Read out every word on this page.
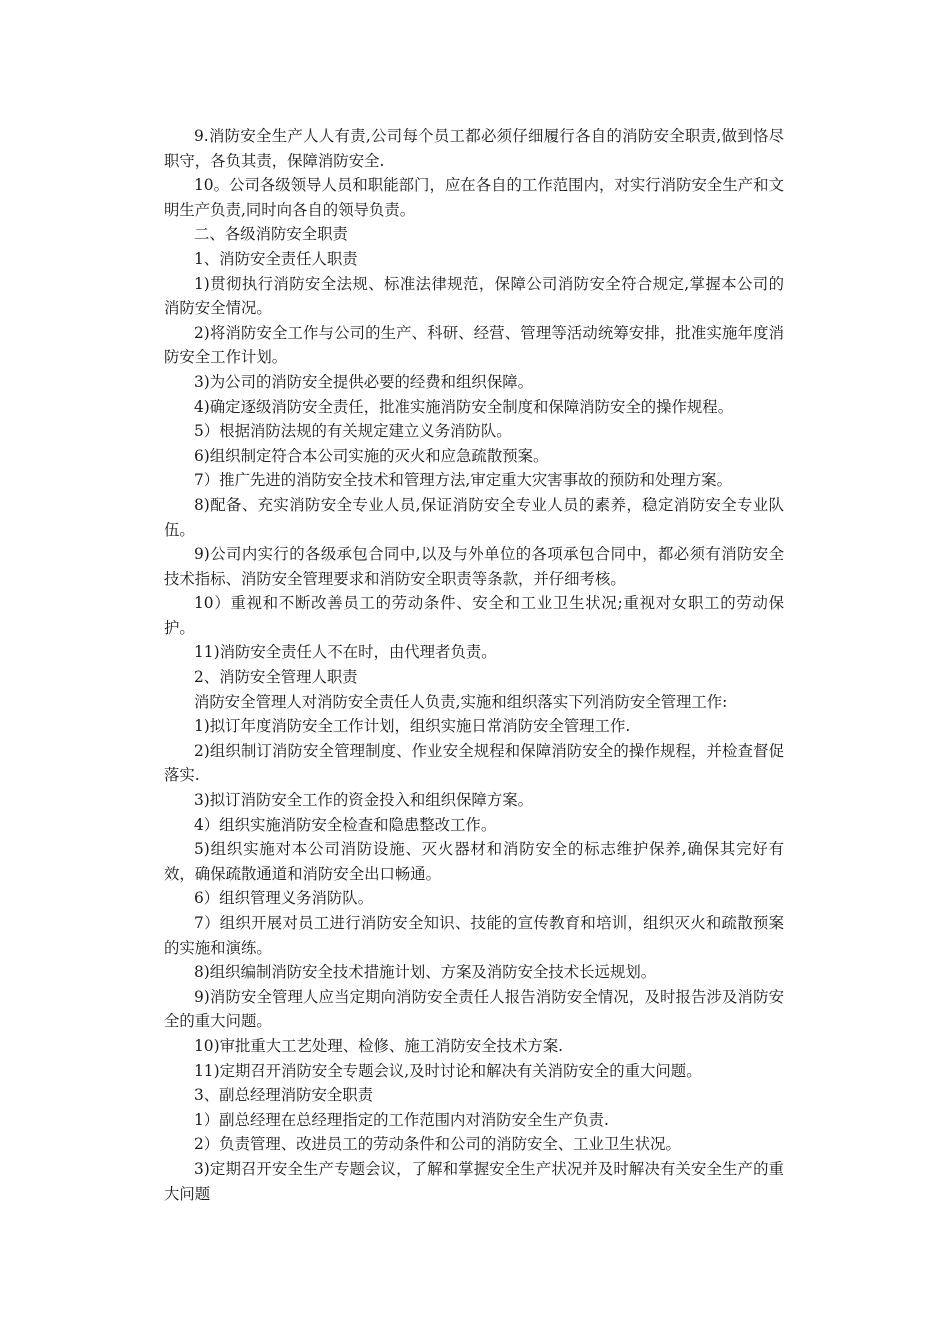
9.消防安全生产人人有责,公司每个员工都必须仔细履行各自的消防安全职责,做到恪尽职守，各负其责，保障消防安全.

10。公司各级领导人员和职能部门，应在各自的工作范围内，对实行消防安全生产和文明生产负责,同时向各自的领导负责。

二、各级消防安全职责

1、消防安全责任人职责

1)贯彻执行消防安全法规、标准法律规范，保障公司消防安全符合规定,掌握本公司的消防安全情况。

2)将消防安全工作与公司的生产、科研、经营、管理等活动统筹安排，批准实施年度消防安全工作计划。

3)为公司的消防安全提供必要的经费和组织保障。

4)确定逐级消防安全责任，批准实施消防安全制度和保障消防安全的操作规程。

5）根据消防法规的有关规定建立义务消防队。

6)组织制定符合本公司实施的灭火和应急疏散预案。

7）推广先进的消防安全技术和管理方法,审定重大灾害事故的预防和处理方案。

8)配备、充实消防安全专业人员,保证消防安全专业人员的素养，稳定消防安全专业队伍。

9)公司内实行的各级承包合同中,以及与外单位的各项承包合同中，都必须有消防安全技术指标、消防安全管理要求和消防安全职责等条款，并仔细考核。

10）重视和不断改善员工的劳动条件、安全和工业卫生状况;重视对女职工的劳动保护。

11)消防安全责任人不在时，由代理者负责。

2、消防安全管理人职责

消防安全管理人对消防安全责任人负责,实施和组织落实下列消防安全管理工作:

1)拟订年度消防安全工作计划，组织实施日常消防安全管理工作.

2)组织制订消防安全管理制度、作业安全规程和保障消防安全的操作规程，并检查督促落实.

3)拟订消防安全工作的资金投入和组织保障方案。

4）组织实施消防安全检查和隐患整改工作。

5)组织实施对本公司消防设施、灭火器材和消防安全的标志维护保养,确保其完好有效，确保疏散通道和消防安全出口畅通。

6）组织管理义务消防队。

7）组织开展对员工进行消防安全知识、技能的宣传教育和培训，组织灭火和疏散预案的实施和演练。

8)组织编制消防安全技术措施计划、方案及消防安全技术长远规划。

9)消防安全管理人应当定期向消防安全责任人报告消防安全情况，及时报告涉及消防安全的重大问题。

10)审批重大工艺处理、检修、施工消防安全技术方案.

11)定期召开消防安全专题会议,及时讨论和解决有关消防安全的重大问题。

3、副总经理消防安全职责

1）副总经理在总经理指定的工作范围内对消防安全生产负责.

2）负责管理、改进员工的劳动条件和公司的消防安全、工业卫生状况。

3)定期召开安全生产专题会议，了解和掌握安全生产状况并及时解决有关安全生产的重大问题
